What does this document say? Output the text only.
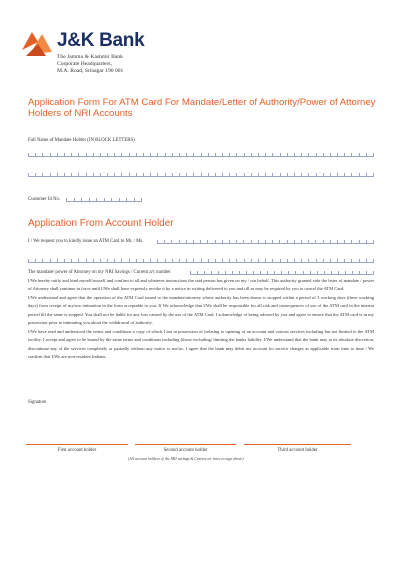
J&K Bank
The Jammu & Kashmir Bank
Corporate Headquarters,
M.A. Road, Srinagar 190 001
Application Form For ATM Card For Mandate/Letter of Authority/Power of Attorney Holders of NRI Accounts
Full Name of Mandate Holder (IN BLOCK LETTERS)
Customer Id No.
Application From Account Holder
I / We request you to kindly issue an ATM Card to Mr. / Ms.
The mandate/ power of Attorney on my NRI Savings / Current a/c number

I/We hereby ratify and bind myself/ourself and confirm to all and whatever instructions the said person has given on my / our behalf. This authority granted vide the letter of mandate / power of Attorney shall continue in force until I/We shall have expressly revoke it by a notice in writing delivered to you and till as may be required by you to cancel the ATM Card.

I/We understand and agree that the operation of the ATM Card issued to the mandate/attorney whose authority has been drawn is stopped within a period of 3 working days (three working days) from receipt of my/our intimation in the form acceptable to you. If We acknowledge that I/We shall be responsible for all risk and consequences of use of the ATM card in the interim period till the same is stopped. You shall not be liable for any loss caused by the use of the ATM Card. I acknowledge of being advised by you and agree to ensure that the ATM card is in my possession prior to intimating you about the withdrawal of authority.

I/We have read and understood the terms and conditions a copy of which I am in possession of (relating to opening of an account and various services including but not limited to the ATM facility. I accept and agree to be bound by the same terms and conditions including (those excluding/ limiting the banks liability. I/We understand that the bank may at its absolute discretion, discontinue any of the services completely or partially without any notice to me/us. I agree that the bank may debit my account for service charges as applicable from time to time / We confirm that I/We are non-resident Indians.

Signature
First account holder	Second account holder	Third account holder
(All account holders of the NRI savings & Current a/c have to sign above)
